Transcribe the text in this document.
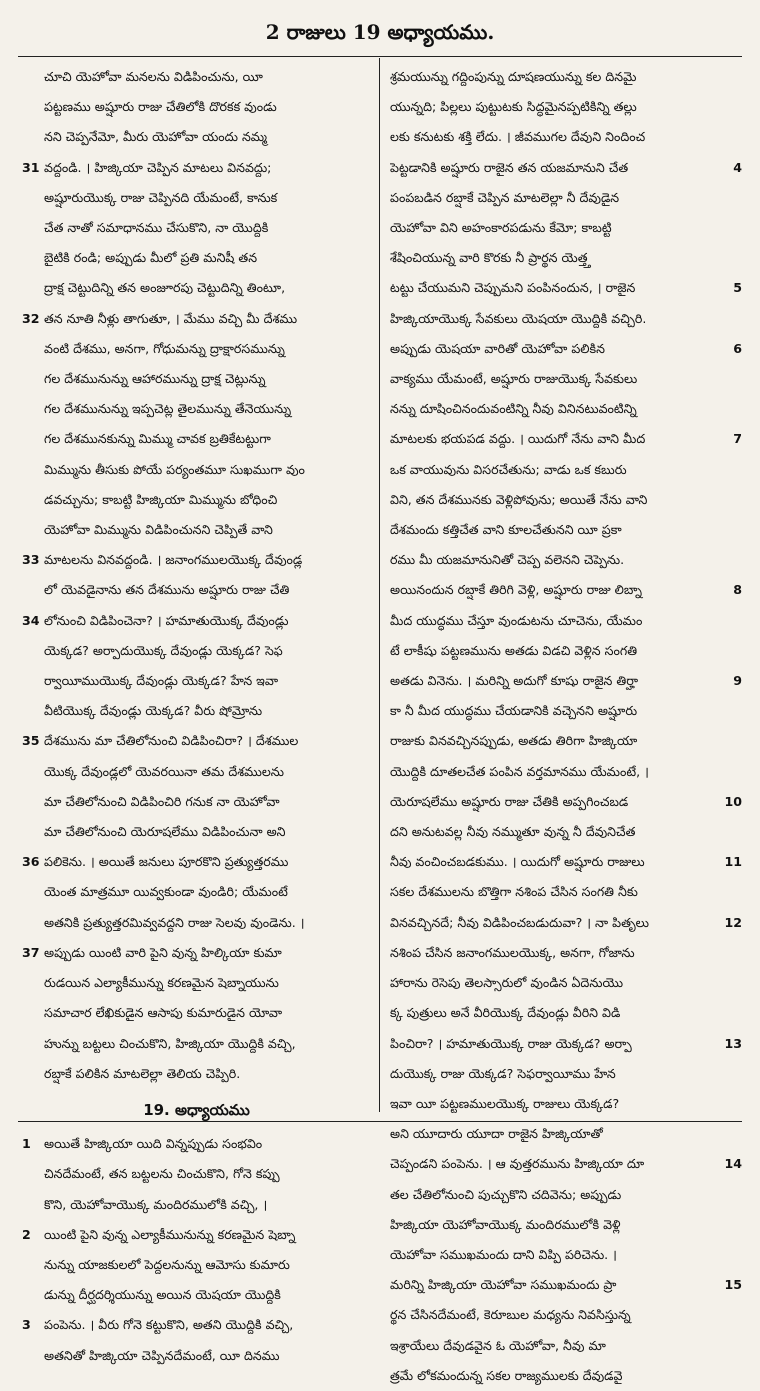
2 రాజులు 19 అధ్యాయము.
చూచి యెహోవా మనలను విడిపించును, యీ
పట్టణము అష్షూరు రాజు చేతిలోకి దొరకక వుండు
నని చెప్పనేమో, మీరు యెహోవా యందు నమ్మ
31 వద్దండి. । హిజ్కియా చెప్పిన మాటలు వినవద్దు;
అష్షూరుయొక్క రాజు చెప్పినది యేమంటే, కానుక
చేత నాతో సమాధానము చేసుకొని, నా యొద్దికి
బైటికి రండి; అప్పుడు మీలో ప్రతి మనిషీ తన
ద్రాక్ష చెట్టుదిన్ని తన అంజూరపు చెట్టుదిన్ని తింటూ,
32 తన నూతి నీళ్లు తాగుతూ, । మేము వచ్చి మీ దేశము
వంటి దేశము, అనగా, గోధుమన్ను ద్రాక్షారసమున్ను
గల దేశమునున్ను ఆహారమున్ను ద్రాక్ష చెట్లున్ను
గల దేశమునున్ను ఇప్పచెట్ల తైలమున్ను తేనెయున్ను
గల దేశమునకున్ను మిమ్ము చావక బ్రతికేటట్టుగా
మిమ్మును తీసుకు పోయే పర్యంతమూ సుఖముగా వుం
డవచ్చును; కాబట్టి హిజ్కియా మిమ్మును బోధించి
యెహోవా మిమ్మును విడిపించునని చెప్పితే వాని
33 మాటలను వినవద్దండి. । జనాంగములయొక్క దేవుండ్ల
లో యెవడైనాను తన దేశమును అష్షూరు రాజు చేతి
34 లోనుంచి విడిపించెనా? । హమాతుయొక్క దేవుండ్లు
యెక్కడ? అర్పాదుయొక్క దేవుండ్లు యెక్కడ? సెఫ
ర్వాయీముయొక్క దేవుండ్లు యెక్కడ? హేన ఇవా
వీటియొక్క దేవుండ్లు యెక్కడ? వీరు షోమ్రోను
35 దేశమును మా చేతిలోనుంచి విడిపించిరా? । దేశముల
యొక్క దేవుండ్లలో యెవరయినా తమ దేశములను
మా చేతిలోనుంచి విడిపించిరి గనుక నా యెహోవా
మా చేతిలోనుంచి యెరూషలేము విడిపించునా అని
36 పలికెను. । అయితే జనులు పూరకొని ప్రత్యుత్తరము
యెంత మాత్రమూ యివ్వకుండా వుండిరి; యేమంటే
అతనికి ప్రత్యుత్తరమివ్వవద్దని రాజు సెలవు వుండెను. ।
37 అప్పుడు యింటి వారి పైని వున్న హిల్కియా కుమా
రుడయిన ఎల్యాకీమున్ను కరణమైన షెబ్నాయును
సమాచార లేఖికుడైన ఆసాపు కుమారుడైన యోవా
హున్ను బట్టలు చించుకొని, హిజ్కియా యొద్దికి వచ్చి,
రబ్షాకే పలికిన మాటలెల్లా తెలియ చెప్పిరి.
19. అధ్యాయము
1	అయితే హిజ్కియా యిది విన్నప్పుడు సంభవిం
చినదేమంటే, తన బట్టలను చించుకొని, గోనె కప్పు
కొని, యెహోవాయొక్క మందిరములోకి వచ్చి, ।
2	యింటి పైని వున్న ఎల్యాకీమునున్ను కరణమైన షెబ్నా
నున్ను యాజకులలో పెద్దలనున్ను ఆమోసు కుమారు
డున్ను దీర్ఘదర్శియున్ను అయిన యెషయా యొద్దికి
3	పంపెను. । వీరు గోనె కట్టుకొని, అతని యొద్దికి వచ్చి,
అతనితో హిజ్కియా చెప్పినదేమంటే, యీ దినము
శ్రమయున్ను గద్దింపున్ను దూషణయున్ను కల దినమై
యున్నది; పిల్లలు పుట్టుటకు సిద్ధమైనప్పటికిన్ని తల్లు
లకు కనుటకు శక్తి లేదు. । జీవముగల దేవుని నిందించ
పెట్టడానికి అష్షూరు రాజైన తన యజమానుని చేత	4
పంపబడిన రబ్షాకే చెప్పిన మాటలెల్లా నీ దేవుడైన
యెహోవా విని అహంకారపడును కేమో; కాబట్టి
శేషించియున్న వారి కొరకు నీ ప్రార్థన యెత్త్త
టట్టు చేయుమని చెప్పుమని పంపినందున, । రాజైన	5
హిజ్కియాయొక్క సేవకులు యెషయా యొద్దికి వచ్చిరి.
అప్పుడు యెషయా వారితో యెహోవా పలికిన	6
వాక్యము యేమంటే, అష్షూరు రాజుయొక్క సేవకులు
నన్ను దూషించినందువంటిన్ని నీవు వినినటువంటిన్ని
మాటలకు భయపడ వద్దు. । యిదుగో నేను వాని మీద	7
ఒక వాయువును విసరచేతును; వాడు ఒక కబురు
విని, తన దేశమునకు వెళ్లిపోవును; అయితే నేను వాని
దేశమందు కత్తిచేత వాని కూలచేతునని యీ ప్రకా
రము మీ యజమానునితో చెప్ప వలెనని చెప్పెను.
అయినందున రబ్షాకే తిరిగి వెళ్లి, అష్షూరు రాజు లిబ్నా	8
మీద యుద్ధము చేస్తూ వుండుటను చూచెను, యేమం
టే లాకీషు పట్టణమును అతడు విడచి వెళ్లిన సంగతి
అతడు వినెను. । మరిన్ని అదుగో కూషు రాజైన తిర్హా	9
కా నీ మీద యుద్ధము చేయడానికి వచ్చెనని అష్షూరు
రాజుకు వినవచ్చినప్పుడు, అతడు తిరిగా హిజ్కియా
యొద్దికి దూతలచేత పంపిన వర్తమానము యేమంటే, ।
యెరూషలేము అష్షూరు రాజు చేతికి అప్పగించబడ	10
దని అనుటవల్ల నీవు నమ్ముతూ వున్న నీ దేవునిచేత
నీవు వంచించబడకుము. । యిదుగో అష్షూరు రాజులు	11
సకల దేశములను బొత్తిగా నశింప చేసిన సంగతి నీకు
వినవచ్చినదే; నీవు విడిపించబడుదువా? । నా పితృలు	12
నశింప చేసిన జనాంగములయొక్క, అనగా, గోజాను
హారాను రెసెపు తెలస్సారులో వుండిన ఏదెనుయొ
క్క పుత్రులు అనే వీరియొక్క దేవుండ్లు వీరిని విడి
పించిరా? । హమాతుయొక్క రాజు యెక్కడ? అర్పా	13
దుయొక్క రాజు యెక్కడ? సెఫర్వాయీము హేన
ఇవా యీ పట్టణములయొక్క రాజులు యెక్కడ?
అని యూదారు యూదా రాజైన హిజ్కియాతో
చెప్పండని పంపెను. । ఆ వుత్తరమును హిజ్కియా దూ	14
తల చేతిలోనుంచి పుచ్చుకొని చదివెను; అప్పుడు
హిజ్కియా యెహోవాయొక్క మందిరములోకి వెళ్లి
యెహోవా సముఖమందు దాని విప్పి పరిచెను. ।
మరిన్ని హిజ్కియా యెహోవా సముఖమందు ప్రా	15
ర్థన చేసినదేమంటే, కెరూబుల మధ్యను నివసిస్తున్న
ఇశ్రాయేలు దేవుడవైన ఓ యెహోవా, నీవు మా
త్రమే లోకమందున్న సకల రాజ్యములకు దేవుడవై
